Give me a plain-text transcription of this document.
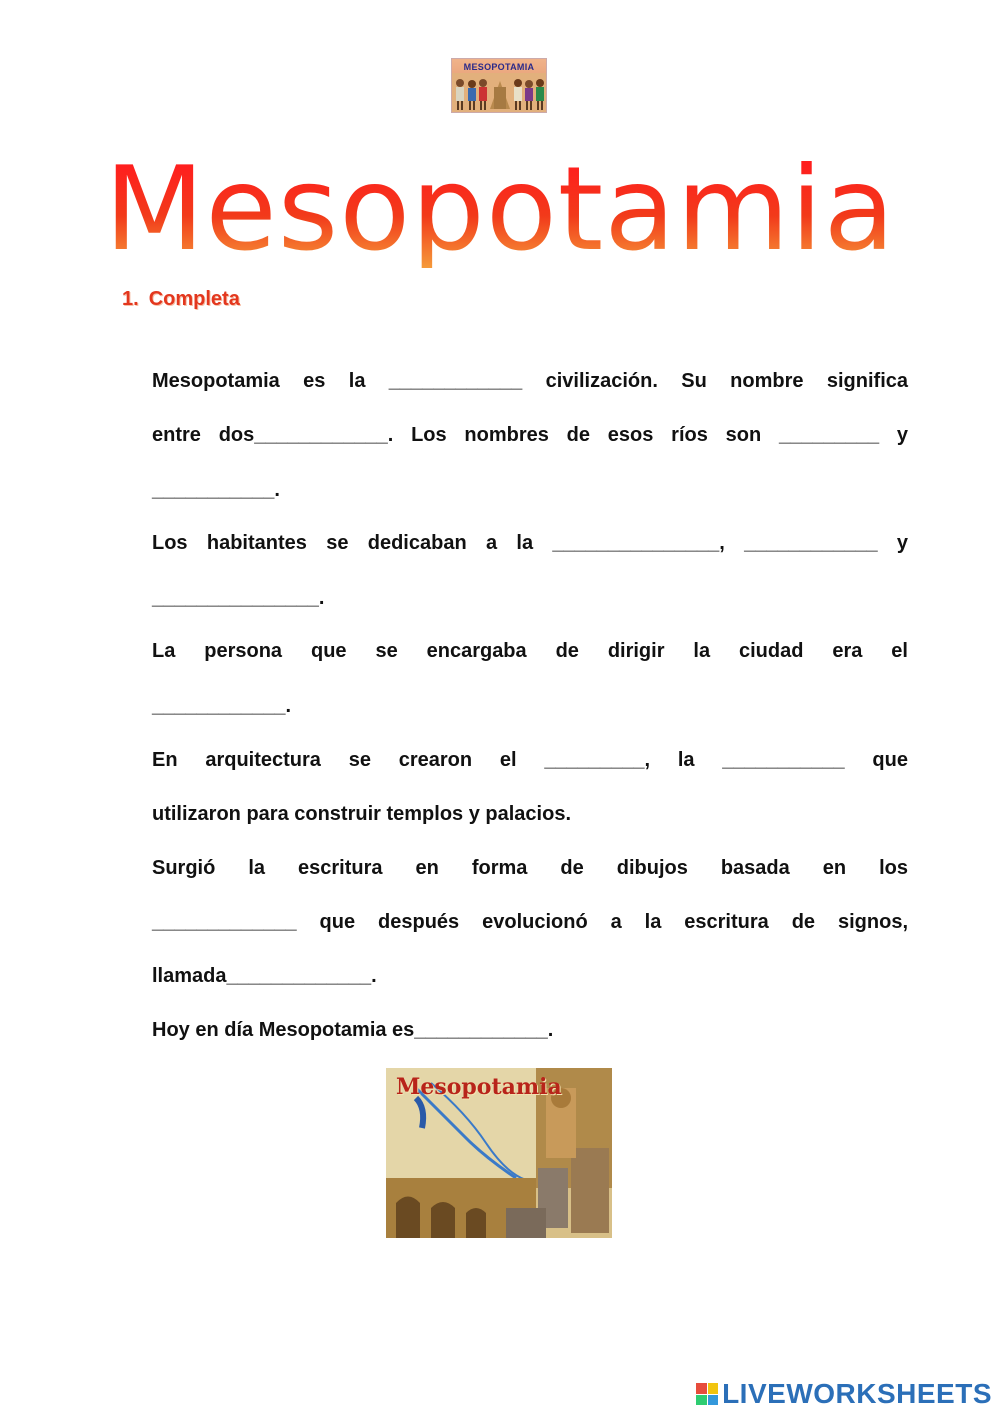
MESOPOTAMIA
Mesopotamia
1. Completa
Mesopotamia es la ____________ civilización. Su nombre significa
entre dos____________. Los nombres de esos ríos son _________ y
___________.
Los habitantes se dedicaban a la _______________, ____________ y
_______________.
La persona que se encargaba de dirigir la ciudad era el
____________.
En arquitectura se crearon el _________, la ___________ que
utilizaron para construir templos y palacios.
Surgió la escritura en forma de dibujos basada en los
_____________ que después evolucionó a la escritura de signos,
llamada_____________.
Hoy en día Mesopotamia es____________.
Mesopotamia
LIVEWORKSHEETS
